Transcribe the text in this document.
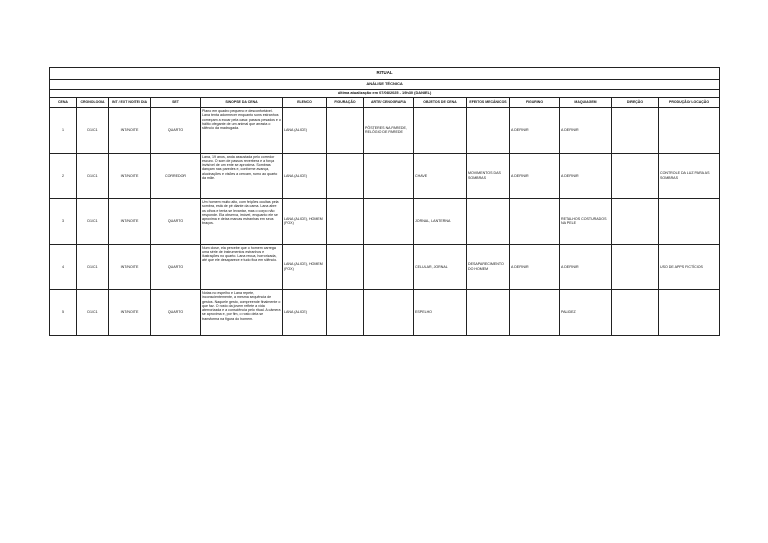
RITUAL													
ANÁLISE TÉCNICA													
última atualização em 07/08/2025 - 19h30 (DANIEL)													
CENA	CRONOLOGIA	INT / EXT NOITE/ DIA	SET	SINOPSE DA CENA	ELENCO	FIGURAÇÃO	ARTE/ CENOGRAFIA	OBJETOS DE CENA	EFEITOS MECÂNICOS	FIGURINO	MAQUIAGEM	DIREÇÃO	PRODUÇÃO/ LOCAÇÃO
1	D1/C1	INT/NOITE	QUARTO	Plano em quadro pequeno e desconfortável. Lana tenta adormecer enquanto sons estranhos começam a ecoar pela casa: passos pesados e o hálito ofegante de um animal que arrasta o silêncio da madrugada.	LANA (ALICE)		PÔSTERES NA PAREDE, RELÓGIO DE PAREDE			A DEFINIR	A DEFINIR		
2	D1/C1	INT/NOITE	CORREDOR	Lana, 19 anos, anda assustada pelo corredor escuro. O som de passos reverbera e a força invisível de um ente se aproxima. Sombras dançam nas paredes e, conforme avança, alucinações e visões a cercam, rumo ao quarto da mãe.	LANA (ALICE)			CHAVE	MOVIMENTOS DAS SOMBRAS	A DEFINIR	A DEFINIR		CONTROLE DA LUZ PARA AS SOMBRAS
3	D1/C1	INT/NOITE	QUARTO	Um homem muito alto, com feições ocultas pela sombra, está de pé diante da cama. Lana abre os olhos e tenta se levantar, mas o corpo não responde. Ela observa, imóvel, enquanto ele se aproxima e deixa marcas estranhas em seus braços.	LANA (ALICE), HOMEM (FOX)			JORNAL, LANTERNA			RETALHOS COSTURADOS NA PELE		
4	D1/C1	INT/NOITE	QUARTO	Num close, ela percebe que o homem carrega uma série de instrumentos estranhos e ilustrações no quarto. Lana recua, horrorizada, até que ele desaparece e tudo fica em silêncio.	LANA (ALICE), HOMEM (FOX)			CELULAR, JORNAL	DESAPARECIMENTO DO HOMEM	A DEFINIR	A DEFINIR		USO DE APPS FICTÍCIOS
5	D1/C1	INT/NOITE	QUARTO	Notas no espelho e Lana repete, inconscientemente, a mesma sequência de gestos. Naquele gesto, compreende finalmente o que faz. O rosto da jovem reflete a vida aterrorizada e a consciência pelo ritual. A câmera se aproxima e, por fim, o rosto dela se transforma na figura do homem.	LANA (ALICE)			ESPELHO			PALIDEZ		
